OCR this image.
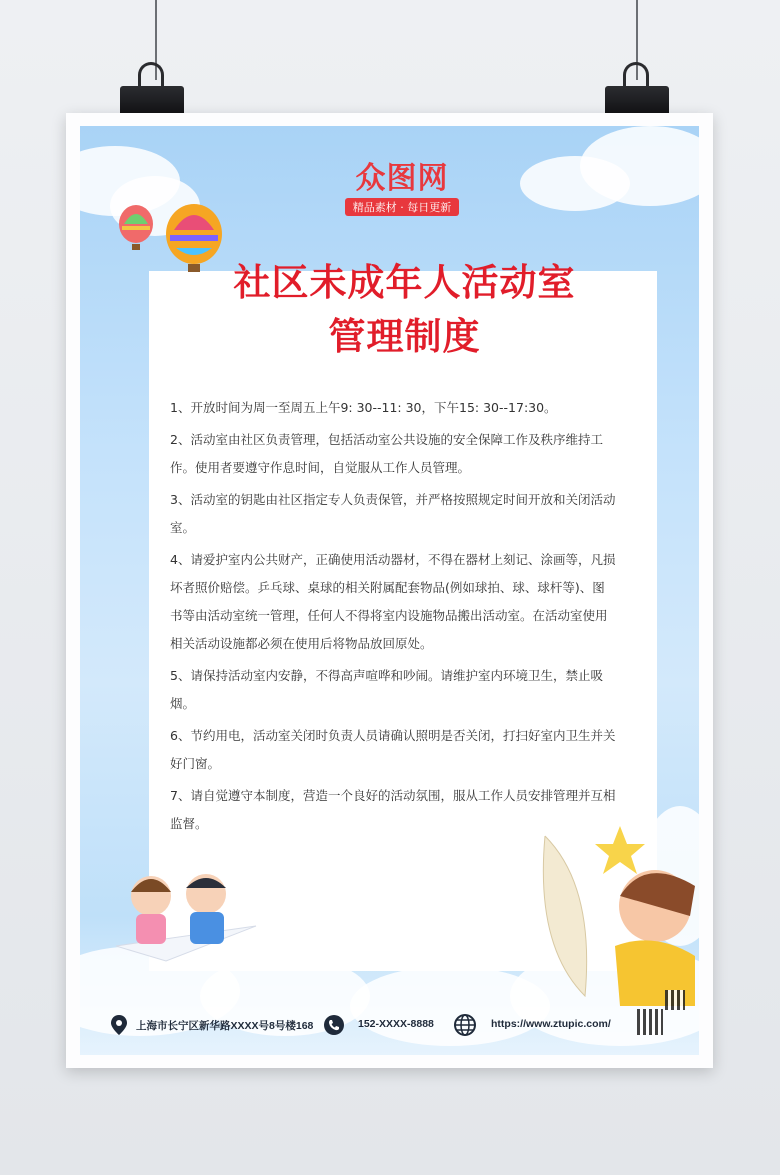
众图网
精品素材 · 每日更新
社区未成年人活动室
管理制度
1、开放时间为周一至周五上午9: 30--11: 30，下午15: 30--17:30。
2、活动室由社区负责管理，包括活动室公共设施的安全保障工作及秩序维持工作。使用者要遵守作息时间，自觉服从工作人员管理。
3、活动室的钥匙由社区指定专人负责保管，并严格按照规定时间开放和关闭活动室。
4、请爱护室内公共财产，正确使用活动器材，不得在器材上刻记、涂画等，凡损坏者照价赔偿。乒乓球、桌球的相关附属配套物品(例如球拍、球、球杆等)、图书等由活动室统一管理，任何人不得将室内设施物品搬出活动室。在活动室使用相关活动设施都必须在使用后将物品放回原处。
5、请保持活动室内安静，不得高声喧哗和吵闹。请维护室内环境卫生，禁止吸烟。
6、节约用电，活动室关闭时负责人员请确认照明是否关闭，打扫好室内卫生并关好门窗。
7、请自觉遵守本制度，营造一个良好的活动氛围，服从工作人员安排管理并互相监督。
上海市长宁区新华路XXXX号8号楼168	152-XXXX-8888	https://www.ztupic.com/
